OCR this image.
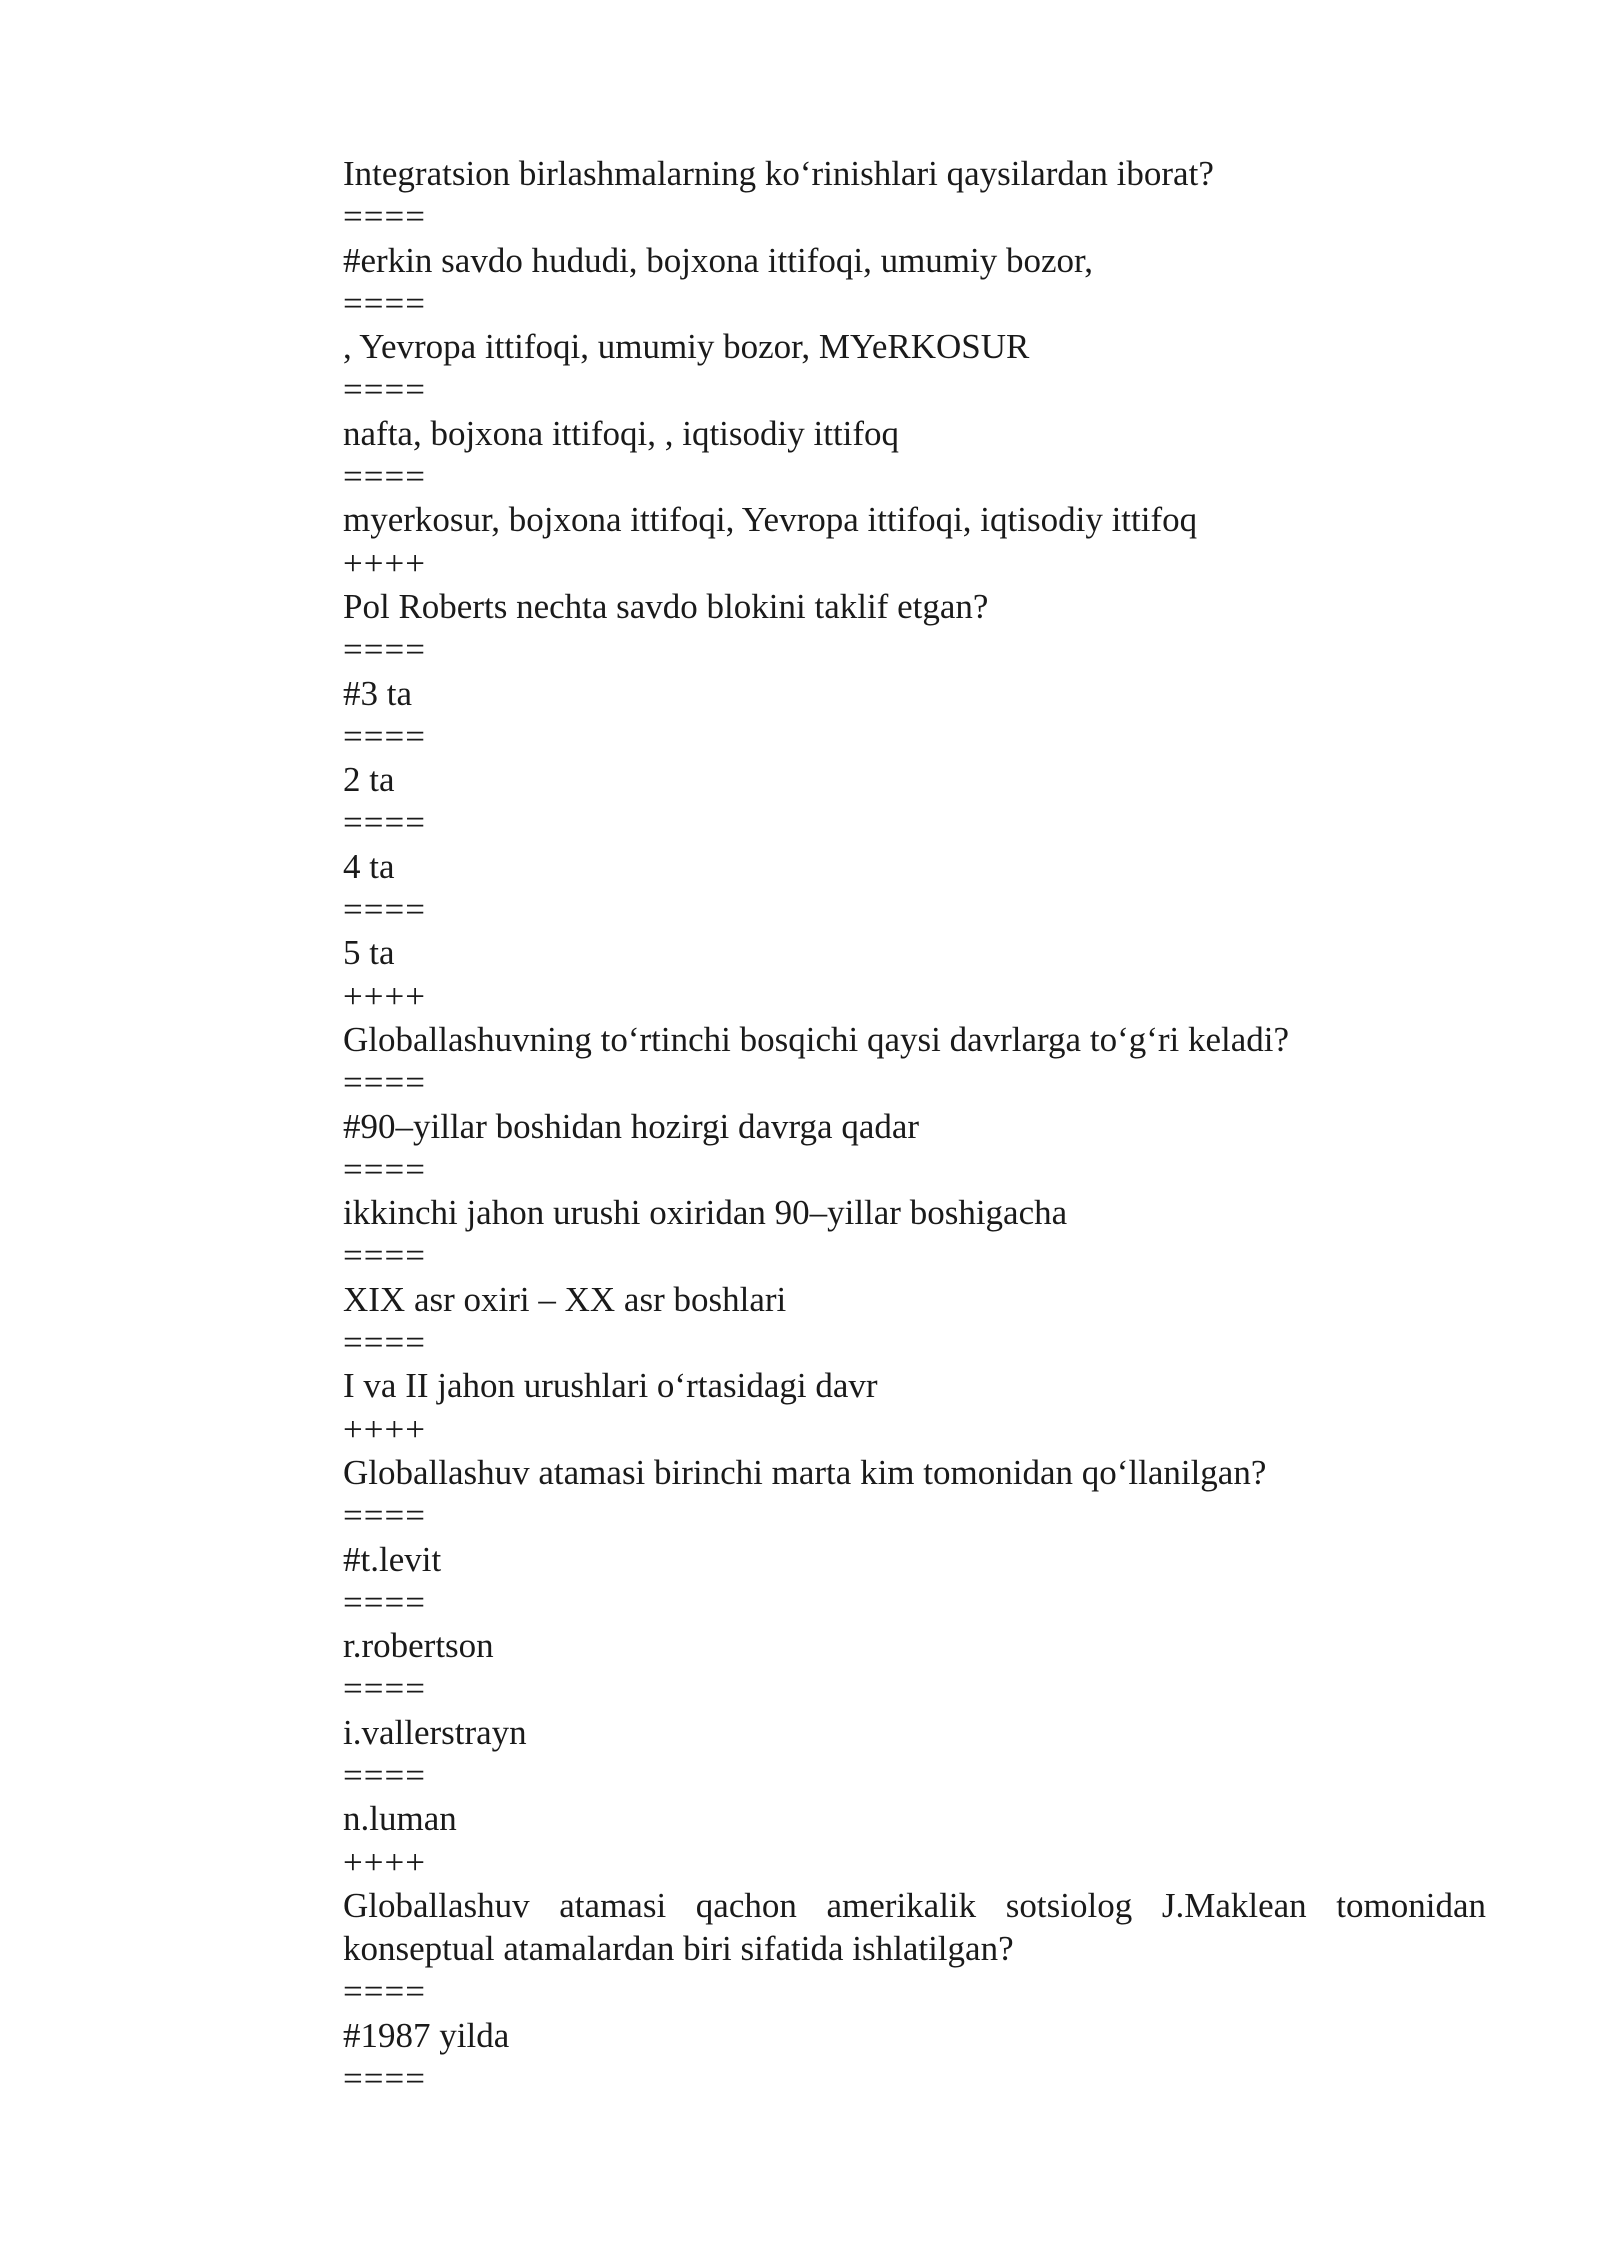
Integratsion birlashmalarning ko‘rinishlari qaysilardan iborat?
====
#erkin savdo hududi, bojxona ittifoqi, umumiy bozor,
====
, Yevropa ittifoqi, umumiy bozor, MYeRKOSUR
====
nafta, bojxona ittifoqi, , iqtisodiy ittifoq
====
myerkosur, bojxona ittifoqi, Yevropa ittifoqi, iqtisodiy ittifoq
++++
Pol Roberts nechta savdo blokini taklif etgan?
====
#3 ta
====
2 ta
====
4 ta
====
5 ta
++++
Globallashuvning to‘rtinchi bosqichi qaysi davrlarga to‘g‘ri keladi?
====
#90–yillar boshidan hozirgi davrga qadar
====
ikkinchi jahon urushi oxiridan 90–yillar boshigacha
====
XIX asr oxiri – XX asr boshlari
====
I va II jahon urushlari o‘rtasidagi davr
++++
Globallashuv atamasi birinchi marta kim tomonidan qo‘llanilgan?
====
#t.levit
====
r.robertson
====
i.vallerstrayn
====
n.luman
++++
Globallashuv atamasi qachon amerikalik sotsiolog J.Maklean tomonidan konseptual atamalardan biri sifatida ishlatilgan?
====
#1987 yilda
====
